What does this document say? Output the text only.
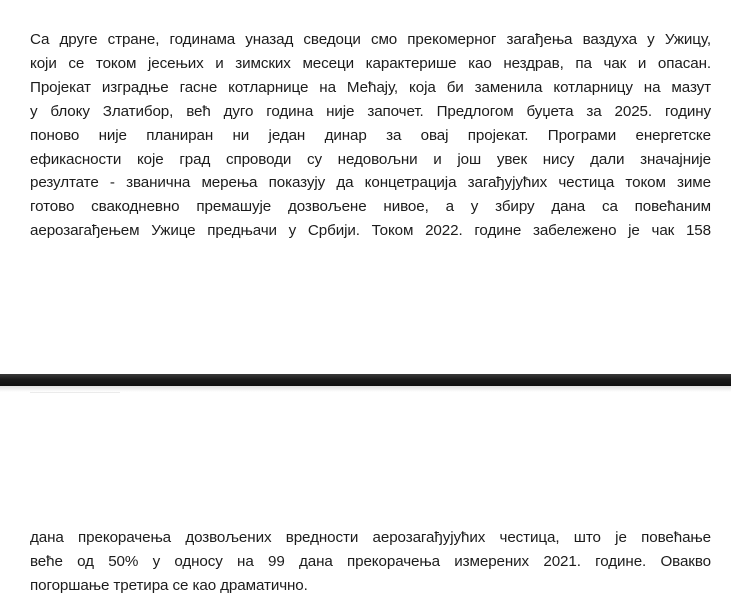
Са друге стране, годинама уназад сведоци смо прекомерног загађења ваздуха у Ужицу,
који се током јесењих и зимских месеци карактерише као нездрав, па чак и опасан.
Пројекат изградње гасне котларнице на Мећају, која би заменила котларницу на мазут
у блоку Златибор, већ дуго година није започет. Предлогом буџета за 2025. годину
поново није планиран ни један динар за овај пројекат. Програми енергетске
ефикасности које град спроводи су недовољни и још увек нису дали значајније
резултате - званична мерења показују да концетрација загађујућих честица током зиме
готово свакодневно премашује дозвољене нивое, а у збиру дана са повећаним
аерозагађењем Ужице предњачи у Србији. Током 2022. године забележено је чак 158
дана прекорачења дозвољених вредности аерозагађујућих честица, што је повећање
веће од 50% у односу на 99 дана прекорачења измерених 2021. године. Овакво
погоршање третира се као драматично.
